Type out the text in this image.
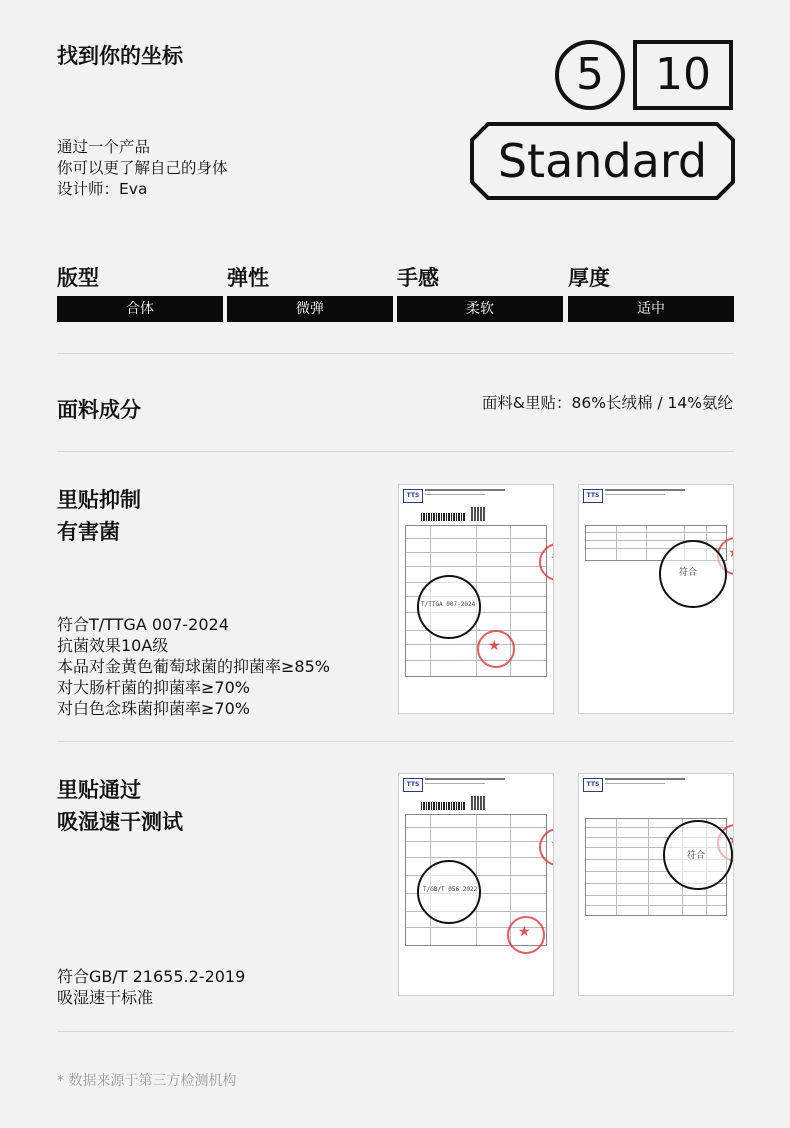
找到你的坐标
通过一个产品
你可以更了解自己的身体
设计师：Eva
5	10
Standard
版型	弹性	手感	厚度
合体	微弹	柔软	适中
面料成分	面料&里贴：86%长绒棉 / 14%氨纶
里贴抑制
有害菌
符合T/TTGA 007-2024
抗菌效果10A级
本品对金黄色葡萄球菌的抑菌率≥85%
对大肠杆菌的抑菌率≥70%
对白色念珠菌抑菌率≥70%
TTS
★
★
T/TTGA 007-2024
TTS
★
符合
里贴通过
吸湿速干测试
符合GB/T 21655.2-2019
吸湿速干标准
TTS
★
★
T/GB/T 056 2022
TTS
★
符合
* 数据来源于第三方检测机构
